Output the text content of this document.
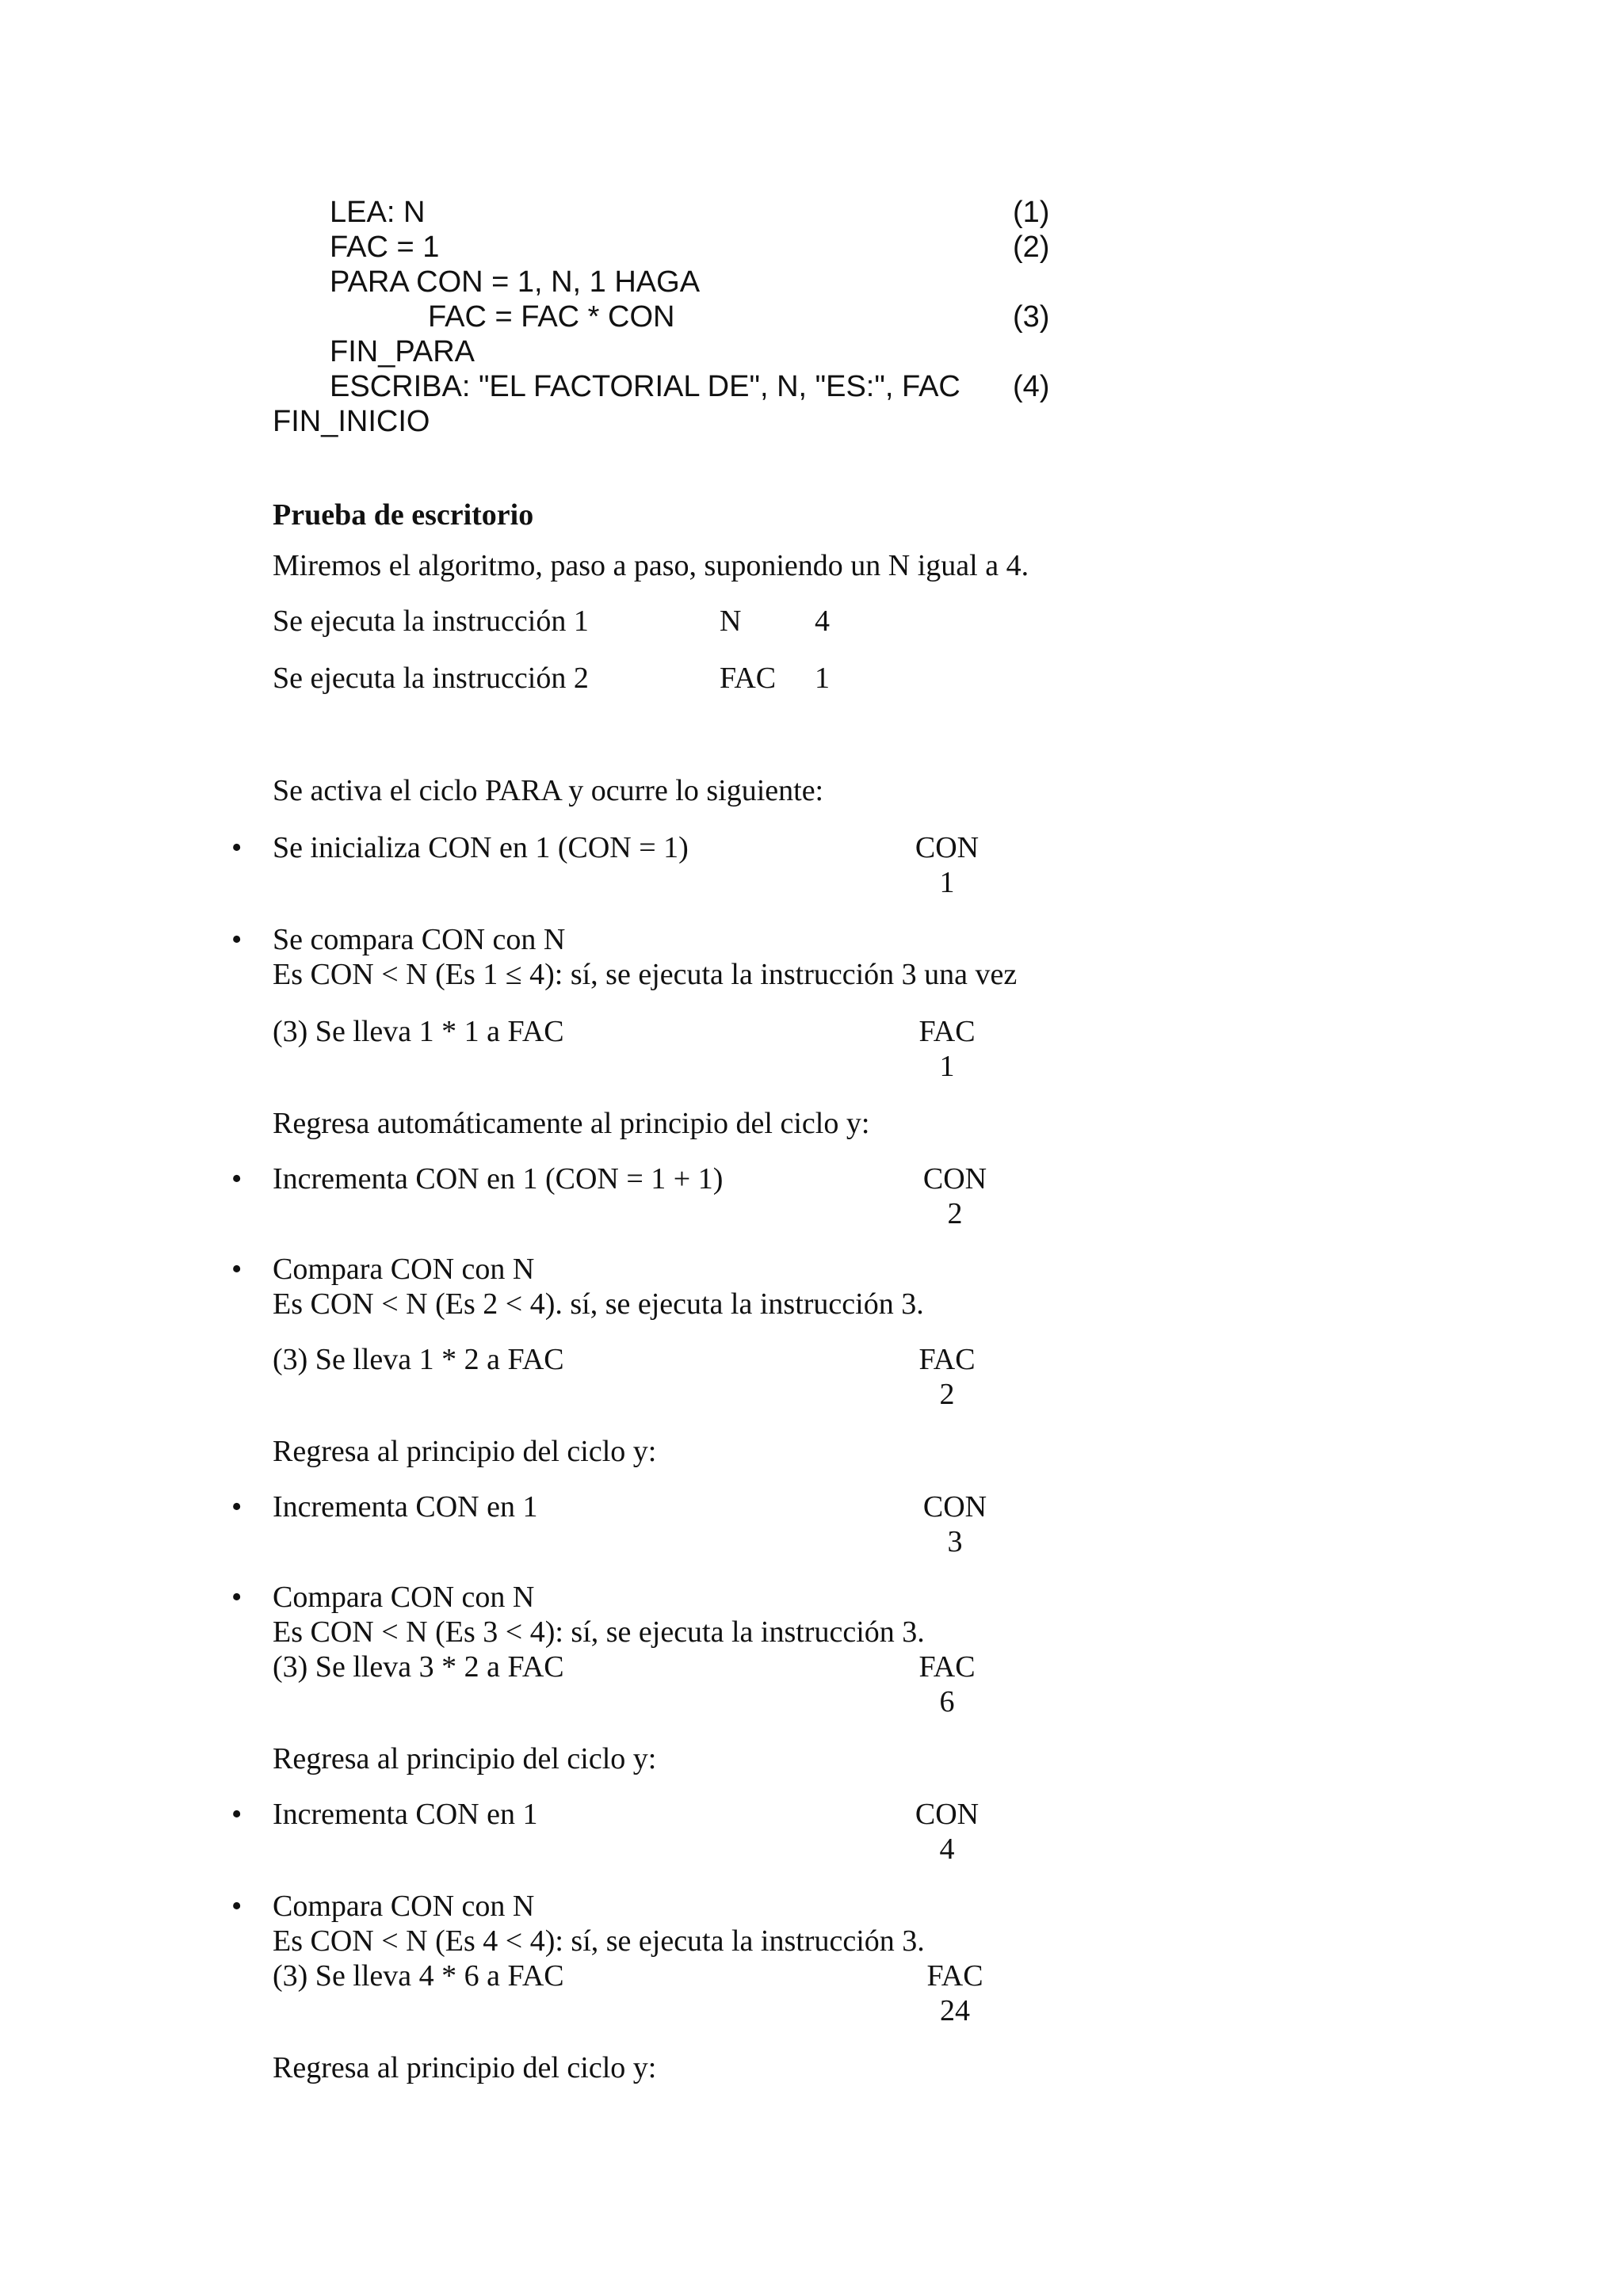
LEA: N	(1)
FAC = 1	(2)
PARA CON = 1, N, 1 HAGA
FAC = FAC * CON	(3)
FIN_PARA
ESCRIBA: "EL FACTORIAL DE", N, "ES:", FAC (4)
FIN_INICIO
Prueba de escritorio
Miremos el algoritmo, paso a paso, suponiendo un N igual a 4.
Se ejecuta la instrucción 1	N 4
Se ejecuta la instrucción 2	FAC 1
Se activa el ciclo PARA y ocurre lo siguiente:
• Se inicializa CON en 1 (CON = 1)	CON
1
• Se compara CON con N
Es CON < N (Es 1 ≤ 4): sí, se ejecuta la instrucción 3 una vez
(3) Se lleva 1 * 1 a FAC	FAC
1
Regresa automáticamente al principio del ciclo y:
• Incrementa CON en 1 (CON = 1 + 1)	CON
2
• Compara CON con N
Es CON < N (Es 2 < 4). sí, se ejecuta la instrucción 3.
(3) Se lleva 1 * 2 a FAC	FAC
2
Regresa al principio del ciclo y:
• Incrementa CON en 1	CON
3
• Compara CON con N
Es CON < N (Es 3 < 4): sí, se ejecuta la instrucción 3.
(3) Se lleva 3 * 2 a FAC	FAC
6
Regresa al principio del ciclo y:
• Incrementa CON en 1	CON
4
• Compara CON con N
Es CON < N (Es 4 < 4): sí, se ejecuta la instrucción 3.
(3) Se lleva 4 * 6 a FAC	FAC
24
Regresa al principio del ciclo y:
